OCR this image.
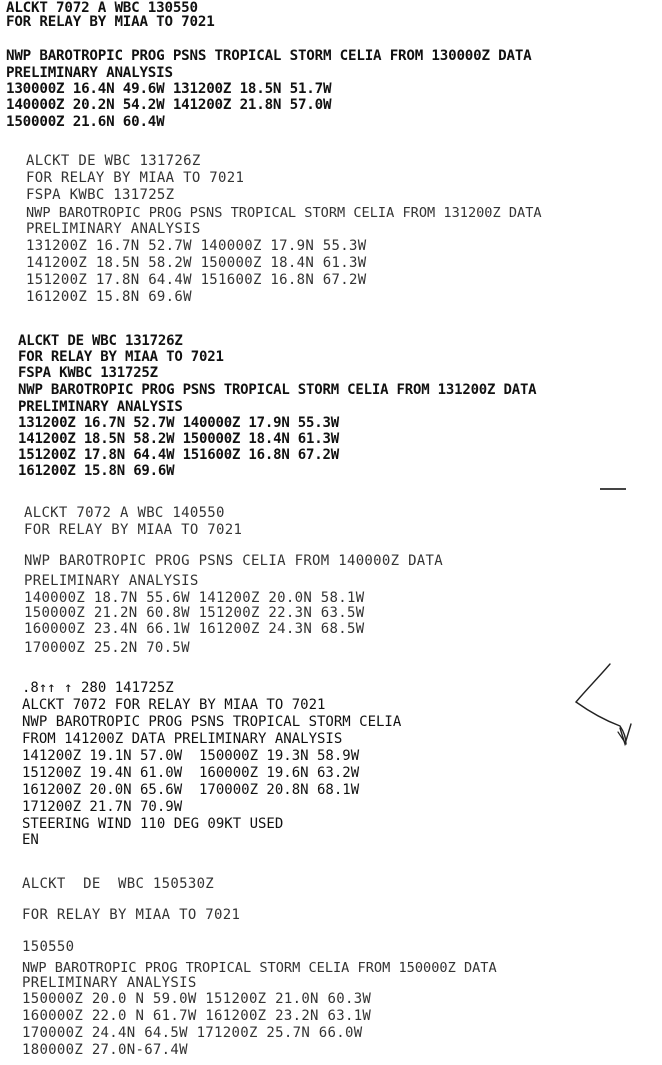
ALCKT 7072 A WBC 130550
FOR RELAY BY MIAA TO 7021
NWP BAROTROPIC PROG PSNS TROPICAL STORM CELIA FROM 130000Z DATA
PRELIMINARY ANALYSIS
130000Z 16.4N 49.6W 131200Z 18.5N 51.7W
140000Z 20.2N 54.2W 141200Z 21.8N 57.0W
150000Z 21.6N 60.4W
ALCKT DE WBC 131726Z
FOR RELAY BY MIAA TO 7021
FSPA KWBC 131725Z
NWP BAROTROPIC PROG PSNS TROPICAL STORM CELIA FROM 131200Z DATA
PRELIMINARY ANALYSIS
131200Z 16.7N 52.7W 140000Z 17.9N 55.3W
141200Z 18.5N 58.2W 150000Z 18.4N 61.3W
151200Z 17.8N 64.4W 151600Z 16.8N 67.2W
161200Z 15.8N 69.6W
ALCKT DE WBC 131726Z
FOR RELAY BY MIAA TO 7021
FSPA KWBC 131725Z
NWP BAROTROPIC PROG PSNS TROPICAL STORM CELIA FROM 131200Z DATA
PRELIMINARY ANALYSIS
131200Z 16.7N 52.7W 140000Z 17.9N 55.3W
141200Z 18.5N 58.2W 150000Z 18.4N 61.3W
151200Z 17.8N 64.4W 151600Z 16.8N 67.2W
161200Z 15.8N 69.6W
ALCKT 7072 A WBC 140550
FOR RELAY BY MIAA TO 7021
NWP BAROTROPIC PROG PSNS CELIA FROM 140000Z DATA
PRELIMINARY ANALYSIS
140000Z 18.7N 55.6W 141200Z 20.0N 58.1W
150000Z 21.2N 60.8W 151200Z 22.3N 63.5W
160000Z 23.4N 66.1W 161200Z 24.3N 68.5W
170000Z 25.2N 70.5W
.8↑↑ ↑ 280 141725Z
ALCKT 7072 FOR RELAY BY MIAA TO 7021
NWP BAROTROPIC PROG PSNS TROPICAL STORM CELIA
FROM 141200Z DATA PRELIMINARY ANALYSIS
141200Z 19.1N 57.0W  150000Z 19.3N 58.9W
151200Z 19.4N 61.0W  160000Z 19.6N 63.2W
161200Z 20.0N 65.6W  170000Z 20.8N 68.1W
171200Z 21.7N 70.9W
STEERING WIND 110 DEG 09KT USED
EN
ALCKT  DE  WBC 150530Z
FOR RELAY BY MIAA TO 7021
150550
NWP BAROTROPIC PROG TROPICAL STORM CELIA FROM 150000Z DATA
PRELIMINARY ANALYSIS
150000Z 20.0 N 59.0W 151200Z 21.0N 60.3W
160000Z 22.0 N 61.7W 161200Z 23.2N 63.1W
170000Z 24.4N 64.5W 171200Z 25.7N 66.0W
180000Z 27.0N-67.4W
